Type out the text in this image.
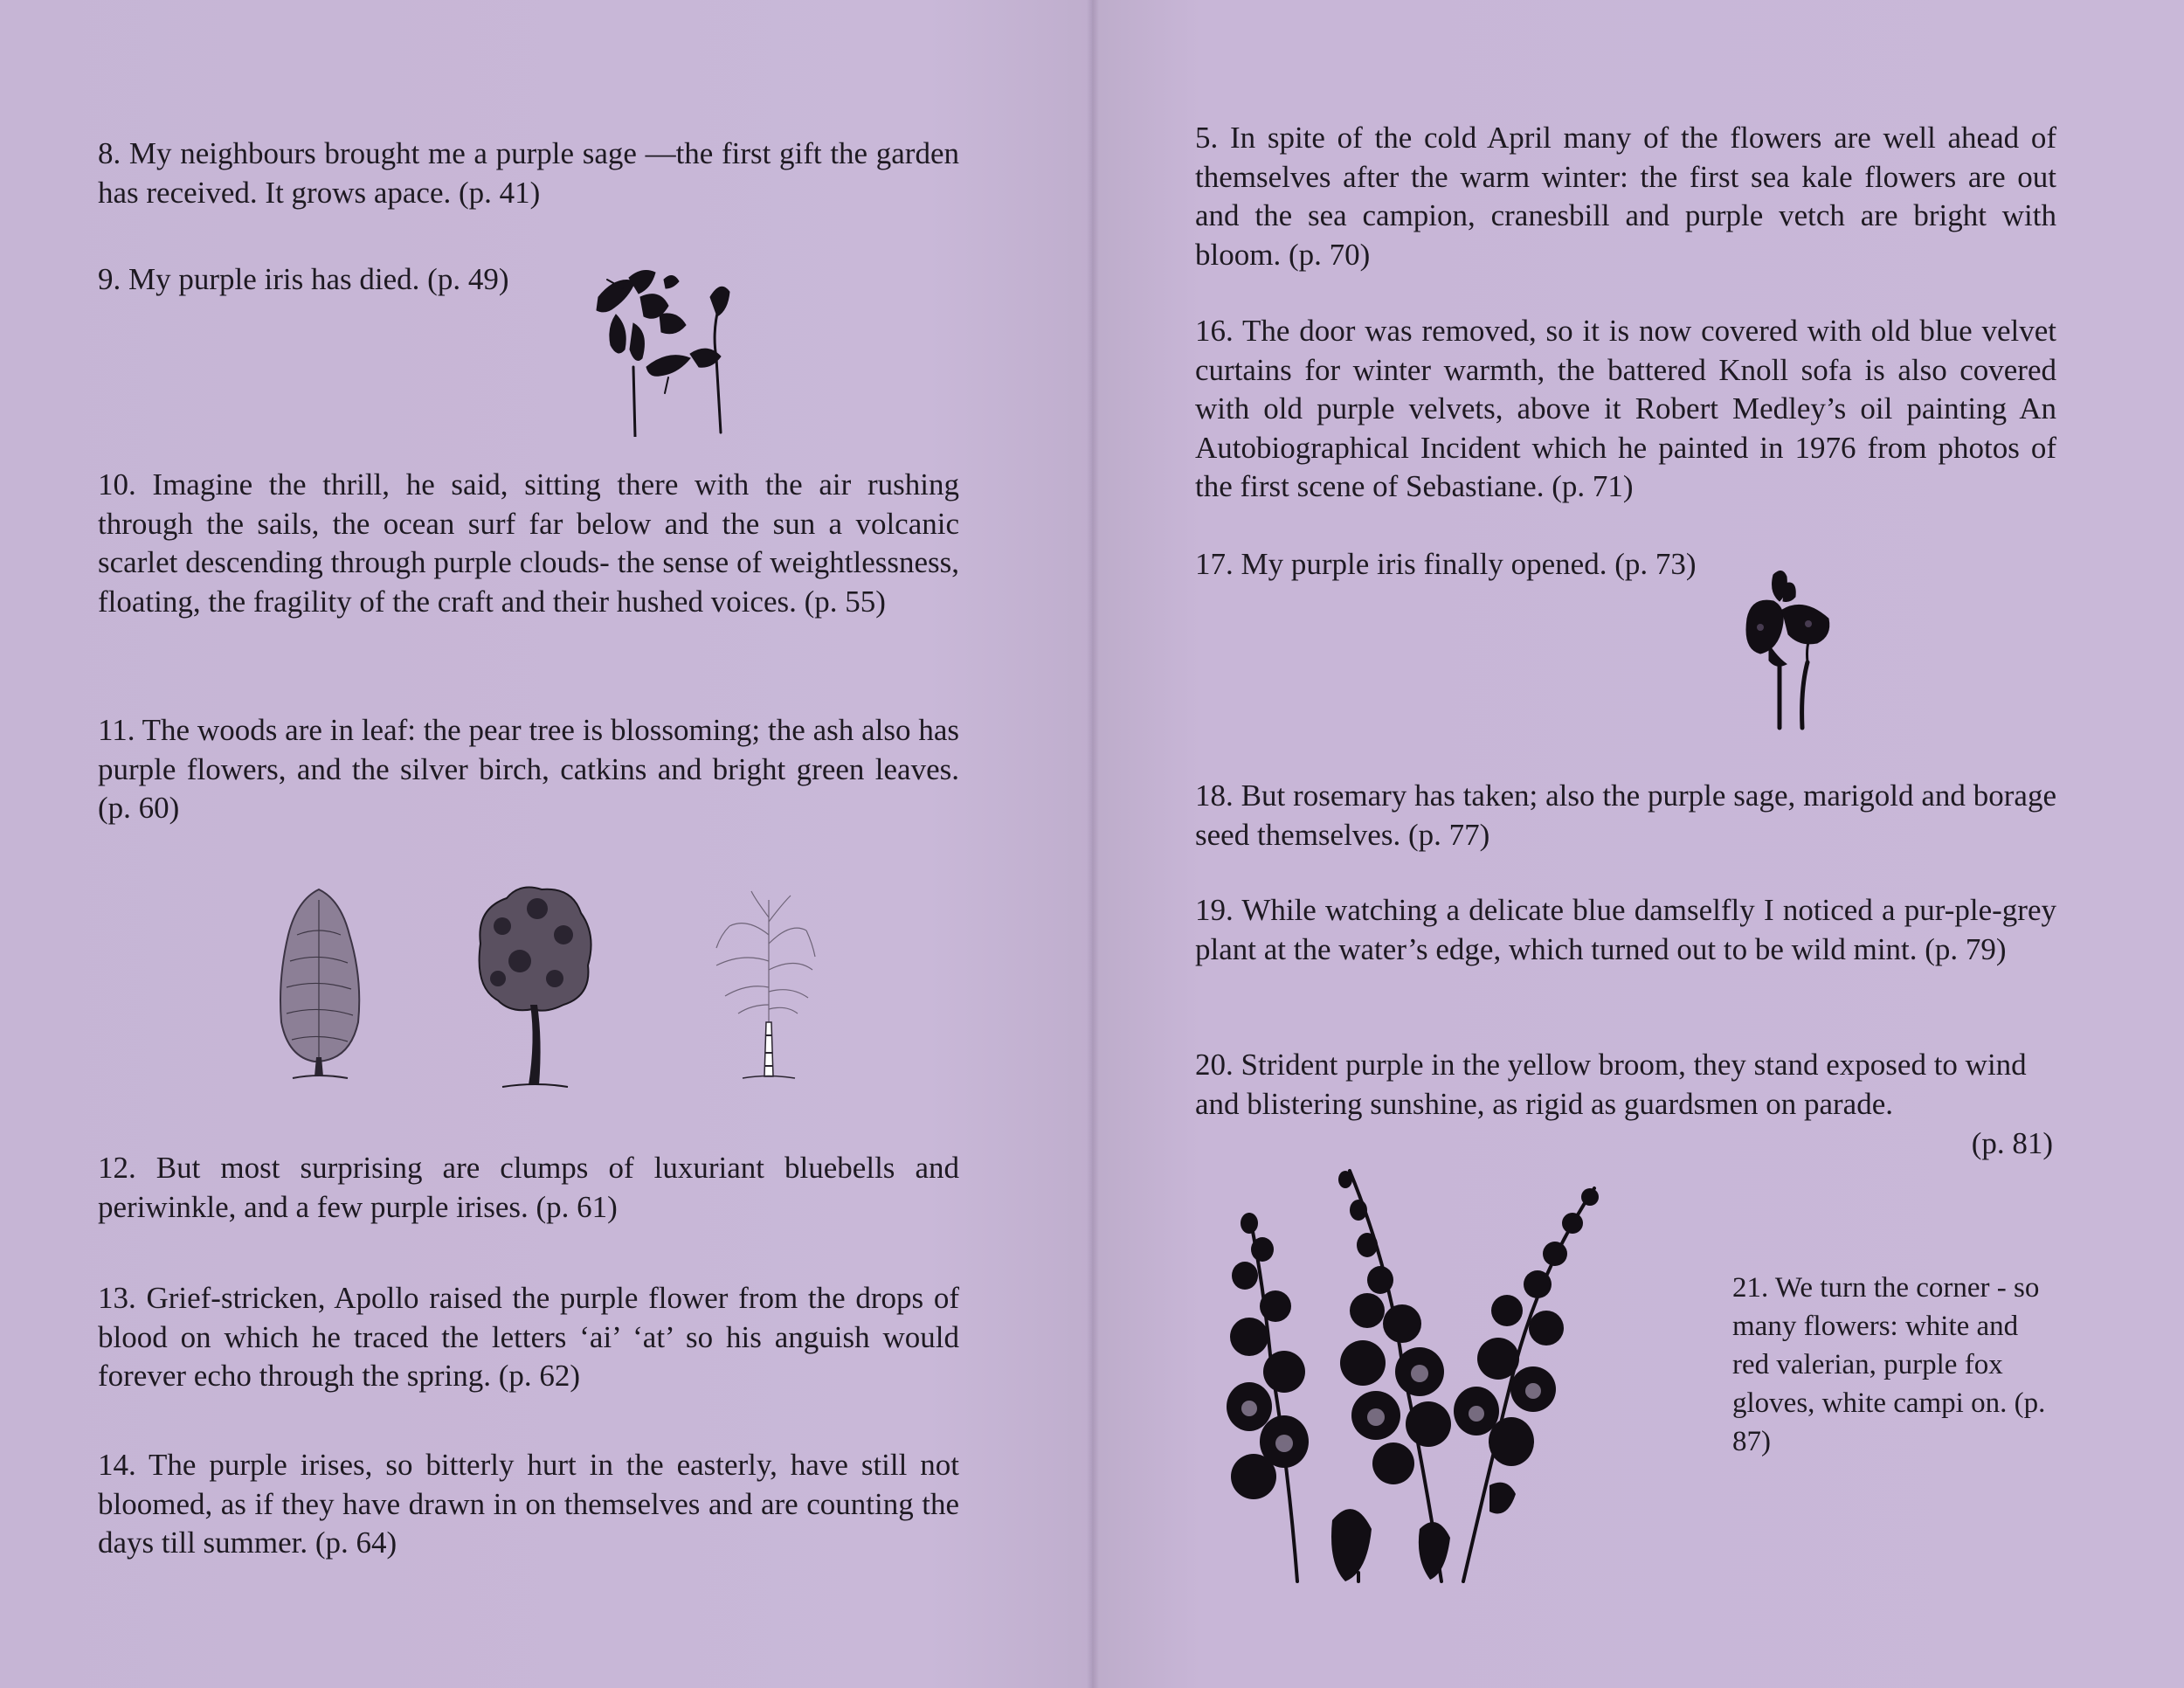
8. My neighbours brought me a purple sage —the first gift the garden has received. It grows apace. (p. 41)

9. My purple iris has died. (p. 49)

10. Imagine the thrill, he said, sitting there with the air rushing through the sails, the ocean surf far below and the sun a volcanic scarlet descending through purple clouds- the sense of weightlessness, floating, the fragility of the craft and their hushed voices. (p. 55)

11. The woods are in leaf: the pear tree is blossoming; the ash also has purple flowers, and the silver birch, catkins and bright green leaves. (p. 60)

12. But most surprising are clumps of luxuriant bluebells and periwinkle, and a few purple irises. (p. 61)

13. Grief-stricken, Apollo raised the purple flower from the drops of blood on which he traced the letters ‘ai’ ‘at’ so his anguish would forever echo through the spring. (p. 62)

14. The purple irises, so bitterly hurt in the easterly, have still not bloomed, as if they have drawn in on themselves and are counting the days till summer. (p. 64)

5. In spite of the cold April many of the flowers are well ahead of themselves after the warm winter: the first sea kale flowers are out and the sea campion, cranesbill and purple vetch are bright with bloom. (p. 70)

16. The door was removed, so it is now covered with old blue velvet curtains for winter warmth, the battered Knoll sofa is also covered with old purple velvets, above it Robert Medley’s oil painting An Autobiographical Incident which he painted in 1976 from photos of the first scene of Sebastiane. (p. 71)

17. My purple iris finally opened. (p. 73)

18. But rosemary has taken; also the purple sage, marigold and borage seed themselves. (p. 77)

19. While watching a delicate blue damselfly I noticed a pur-ple-grey plant at the water’s edge, which turned out to be wild mint. (p. 79)

20. Strident purple in the yellow broom, they stand exposed to wind and blistering sunshine, as rigid as guardsmen on parade.

(p. 81)

21. We turn the corner - so many flowers: white and red valerian, purple fox gloves, white campi on. (p. 87)
